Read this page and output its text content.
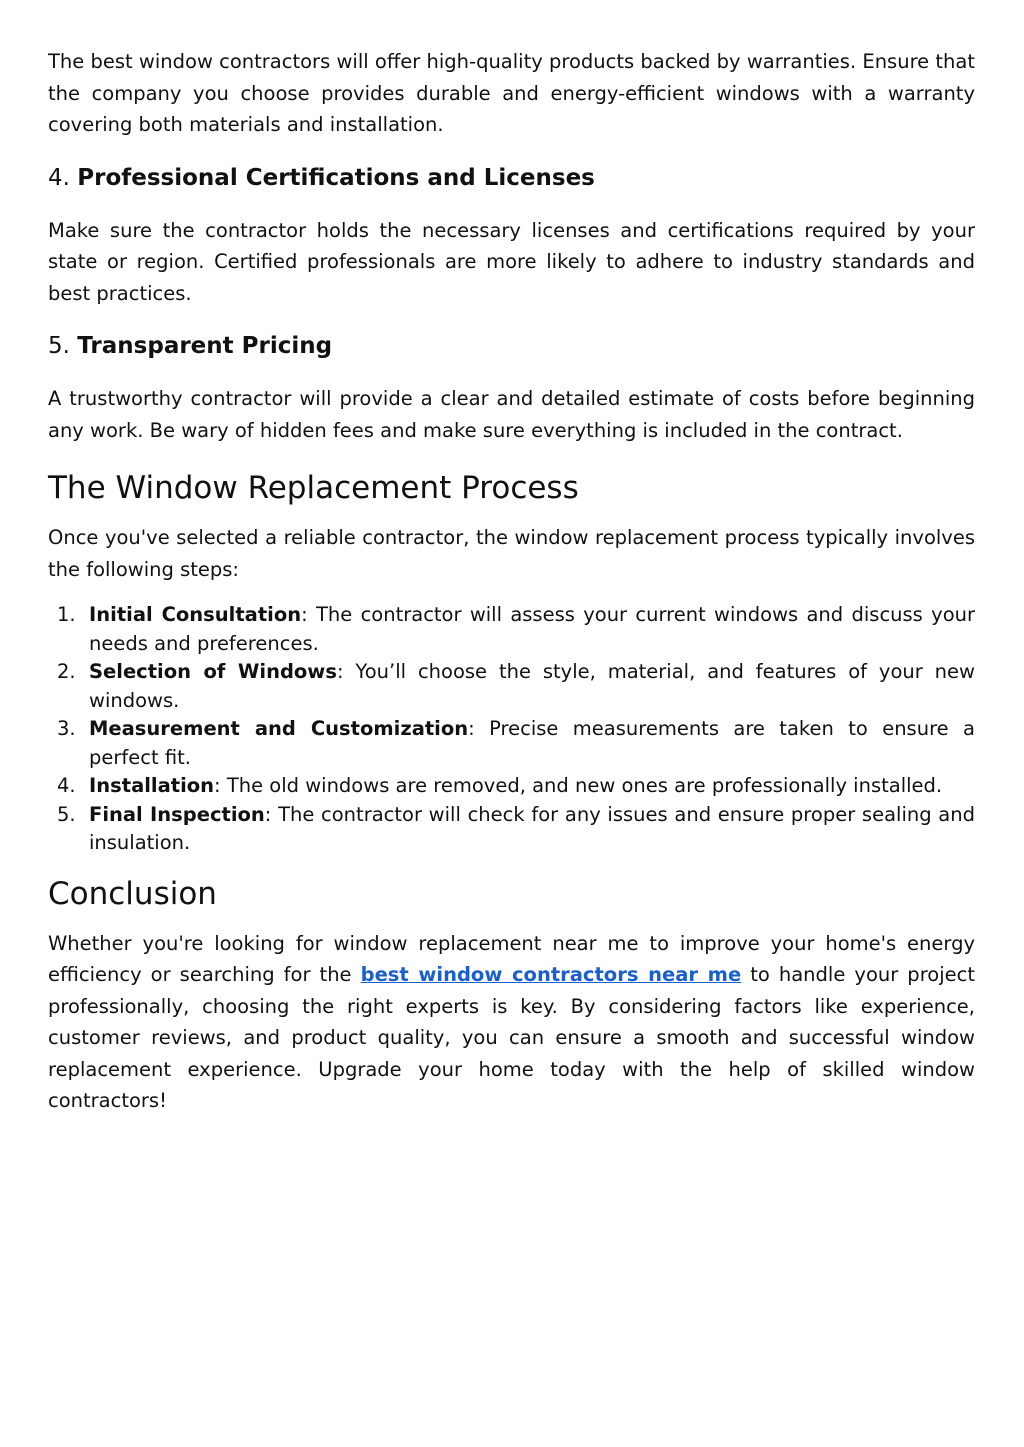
The best window contractors will offer high-quality products backed by warranties. Ensure that the company you choose provides durable and energy-efficient windows with a warranty covering both materials and installation.

4. Professional Certifications and Licenses

Make sure the contractor holds the necessary licenses and certifications required by your state or region. Certified professionals are more likely to adhere to industry standards and best practices.

5. Transparent Pricing

A trustworthy contractor will provide a clear and detailed estimate of costs before beginning any work. Be wary of hidden fees and make sure everything is included in the contract.

The Window Replacement Process

Once you've selected a reliable contractor, the window replacement process typically involves the following steps:

1. Initial Consultation: The contractor will assess your current windows and discuss your needs and preferences.
2. Selection of Windows: You’ll choose the style, material, and features of your new windows.
3. Measurement and Customization: Precise measurements are taken to ensure a perfect fit.
4. Installation: The old windows are removed, and new ones are professionally installed.
5. Final Inspection: The contractor will check for any issues and ensure proper sealing and insulation.
Conclusion

Whether you're looking for window replacement near me to improve your home's energy efficiency or searching for the best window contractors near me to handle your project professionally, choosing the right experts is key. By considering factors like experience, customer reviews, and product quality, you can ensure a smooth and successful window replacement experience. Upgrade your home today with the help of skilled window contractors!
